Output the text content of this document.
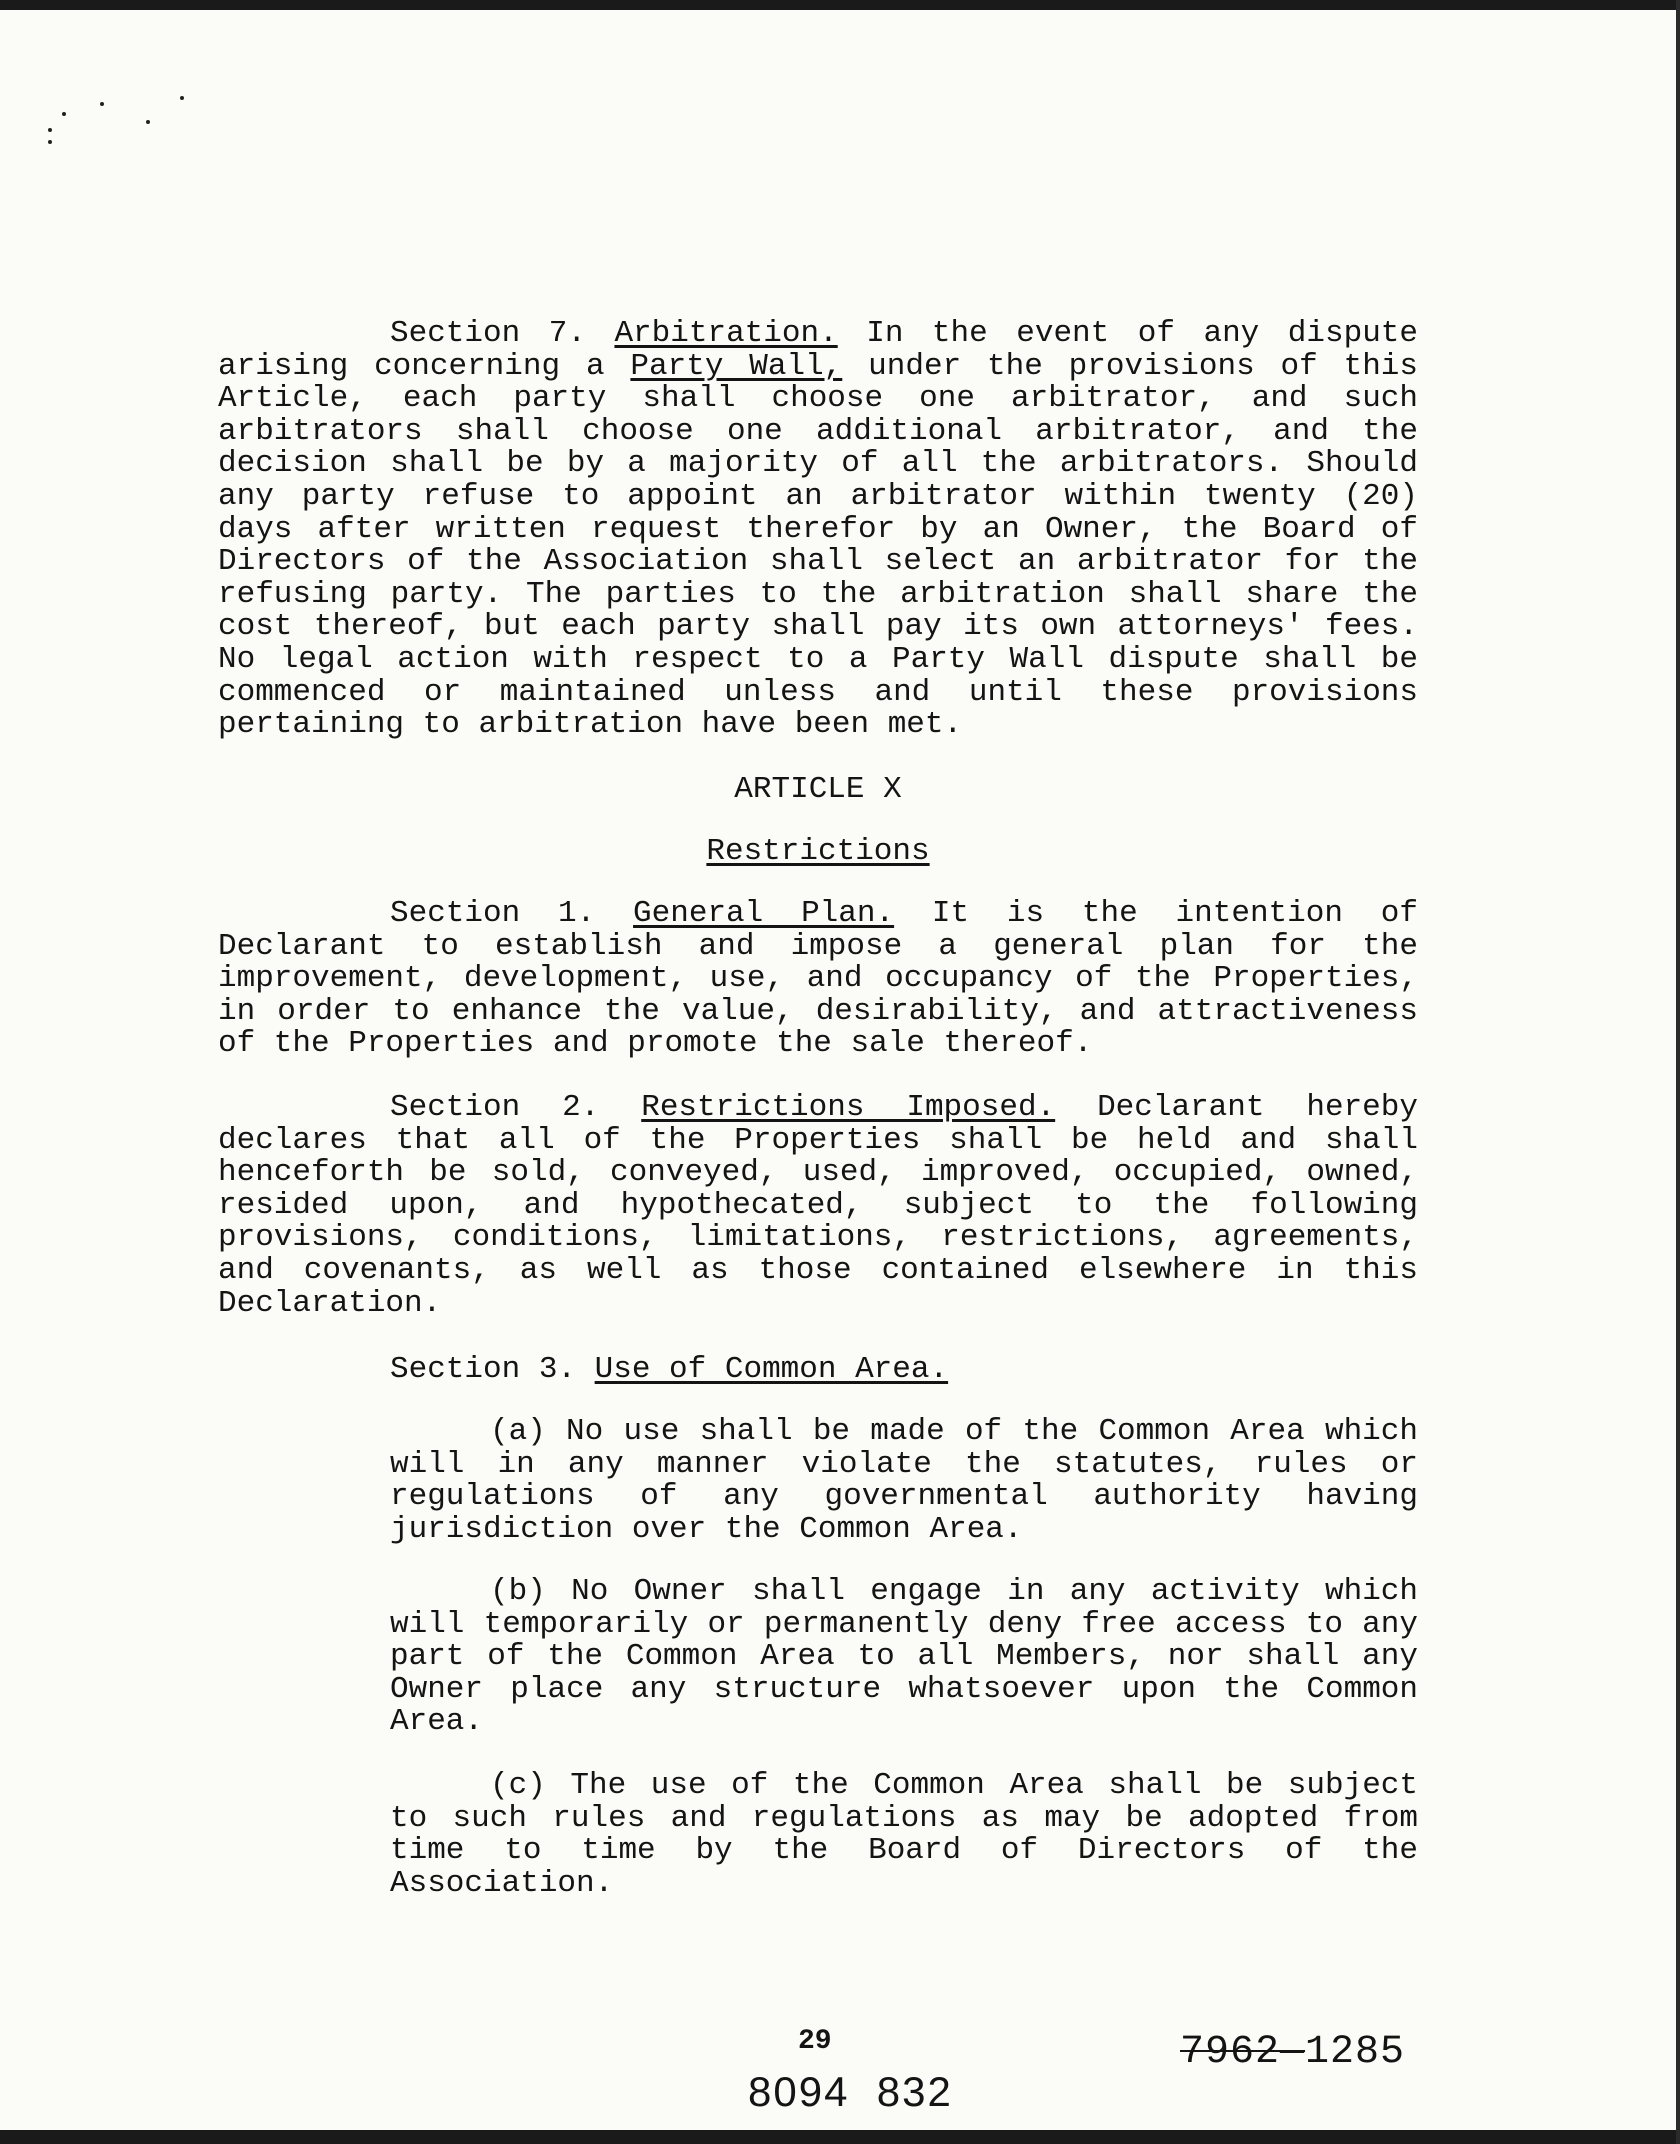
Section 7. Arbitration. In the event of any dispute arising concerning a Party Wall, under the provisions of this Article, each party shall choose one arbitrator, and such arbitrators shall choose one additional arbitrator, and the decision shall be by a majority of all the arbitrators. Should any party refuse to appoint an arbitrator within twenty (20) days after written request therefor by an Owner, the Board of Directors of the Association shall select an arbitrator for the refusing party. The parties to the arbitration shall share the cost thereof, but each party shall pay its own attorneys' fees. No legal action with respect to a Party Wall dispute shall be commenced or maintained unless and until these provisions pertaining to arbitration have been met.

ARTICLE X
Restrictions

Section 1. General Plan. It is the intention of Declarant to establish and impose a general plan for the improvement, development, use, and occupancy of the Properties, in order to enhance the value, desirability, and attractiveness of the Properties and promote the sale thereof.

Section 2. Restrictions Imposed. Declarant hereby declares that all of the Properties shall be held and shall henceforth be sold, conveyed, used, improved, occupied, owned, resided upon, and hypothecated, subject to the following provisions, conditions, limitations, restrictions, agreements, and covenants, as well as those contained elsewhere in this Declaration.

Section 3. Use of Common Area.

(a) No use shall be made of the Common Area which will in any manner violate the statutes, rules or regulations of any governmental authority having jurisdiction over the Common Area.

(b) No Owner shall engage in any activity which will temporarily or permanently deny free access to any part of the Common Area to all Members, nor shall any Owner place any structure whatsoever upon the Common Area.

(c) The use of the Common Area shall be subject to such rules and regulations as may be adopted from time to time by the Board of Directors of the Association.

29
8094  832
7962—1285
